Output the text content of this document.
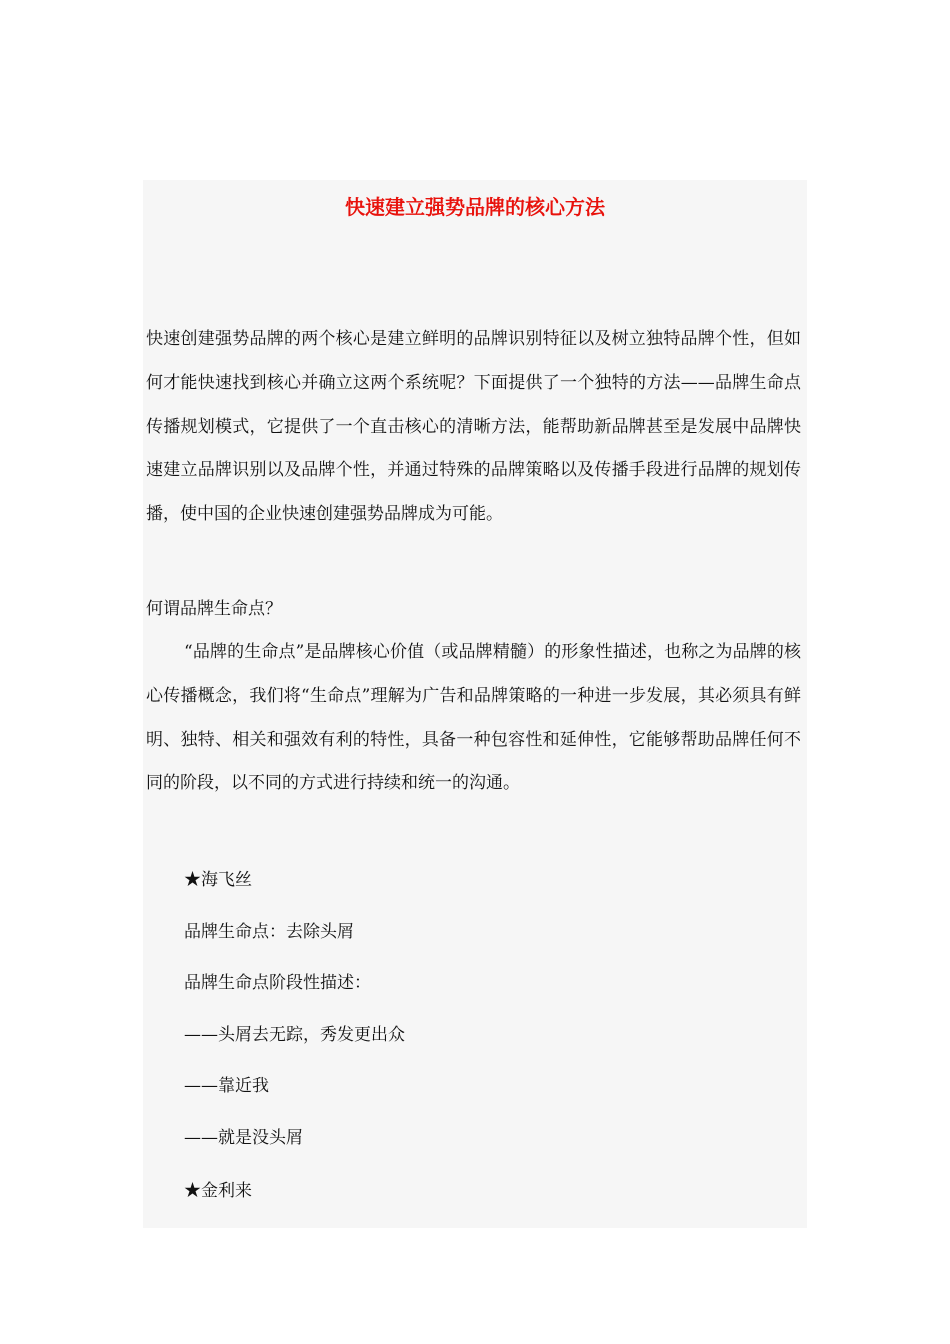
快速建立强势品牌的核心方法

快速创建强势品牌的两个核心是建立鲜明的品牌识别特征以及树立独特品牌个性，但如何才能快速找到核心并确立这两个系统呢？下面提供了一个独特的方法——品牌生命点传播规划模式，它提供了一个直击核心的清晰方法，能帮助新品牌甚至是发展中品牌快速建立品牌识别以及品牌个性，并通过特殊的品牌策略以及传播手段进行品牌的规划传播，使中国的企业快速创建强势品牌成为可能。

何谓品牌生命点？

“品牌的生命点”是品牌核心价值（或品牌精髓）的形象性描述，也称之为品牌的核心传播概念，我们将“生命点”理解为广告和品牌策略的一种进一步发展，其必须具有鲜明、独特、相关和强效有利的特性，具备一种包容性和延伸性，它能够帮助品牌任何不同的阶段，以不同的方式进行持续和统一的沟通。

★海飞丝

品牌生命点：去除头屑

品牌生命点阶段性描述：

——头屑去无踪，秀发更出众

——靠近我

——就是没头屑

★金利来
